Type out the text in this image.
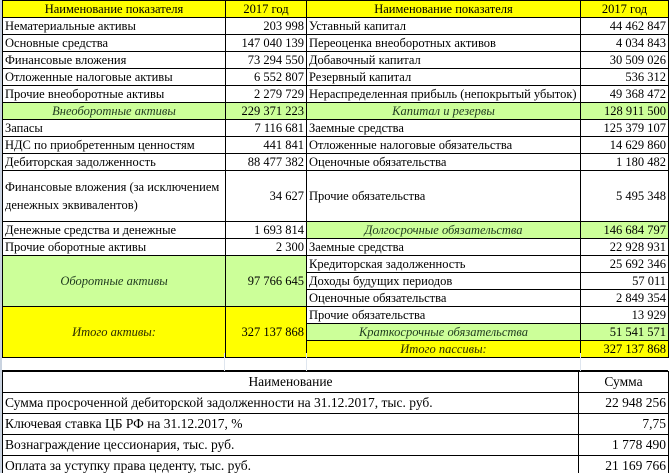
Наименование показателя	2017 год
Нематериальные активы	203 998
Основные средства	147 040 139
Финансовые вложения	73 294 550
Отложенные налоговые активы	6 552 807
Прочие внеоборотные активы	2 279 729
Внеоборотные активы	229 371 223
Запасы	7 116 681
НДС по приобретенным ценностям	441 841
Дебиторская задолженность	88 477 382
Финансовые вложения (за исключением денежных эквивалентов)	34 627
Денежные средства и денежные	1 693 814
Прочие оборотные активы	2 300
Оборотные активы	97 766 645
Итого активы:	327 137 868
Наименование показателя	2017 год
Уставный капитал	44 462 847
Переоценка внеоборотных активов	4 034 843
Добавочный капитал	30 509 026
Резервный капитал	536 312
Нераспределенная прибыль (непокрытый убыток)	49 368 472
Капитал и резервы	128 911 500
Заемные средства	125 379 107
Отложенные налоговые обязательства	14 629 860
Оценочные обязательства	1 180 482
Прочие обязательства	5 495 348
Долгосрочные обязательства	146 684 797
Заемные средства	22 928 931
Кредиторская задолженность	25 692 346
Доходы будущих периодов	57 011
Оценочные обязательства	2 849 354
Прочие обязательства	13 929
Краткосрочные обязательства	51 541 571
Итого пассивы:	327 137 868
Наименование	Сумма
Сумма просроченной дебиторской задолженности на 31.12.2017, тыс. руб.	22 948 256
Ключевая ставка ЦБ РФ на 31.12.2017, %	7,75
Вознаграждение цессионария, тыс. руб.	1 778 490
Оплата за уступку права цеденту, тыс. руб.	21 169 766
